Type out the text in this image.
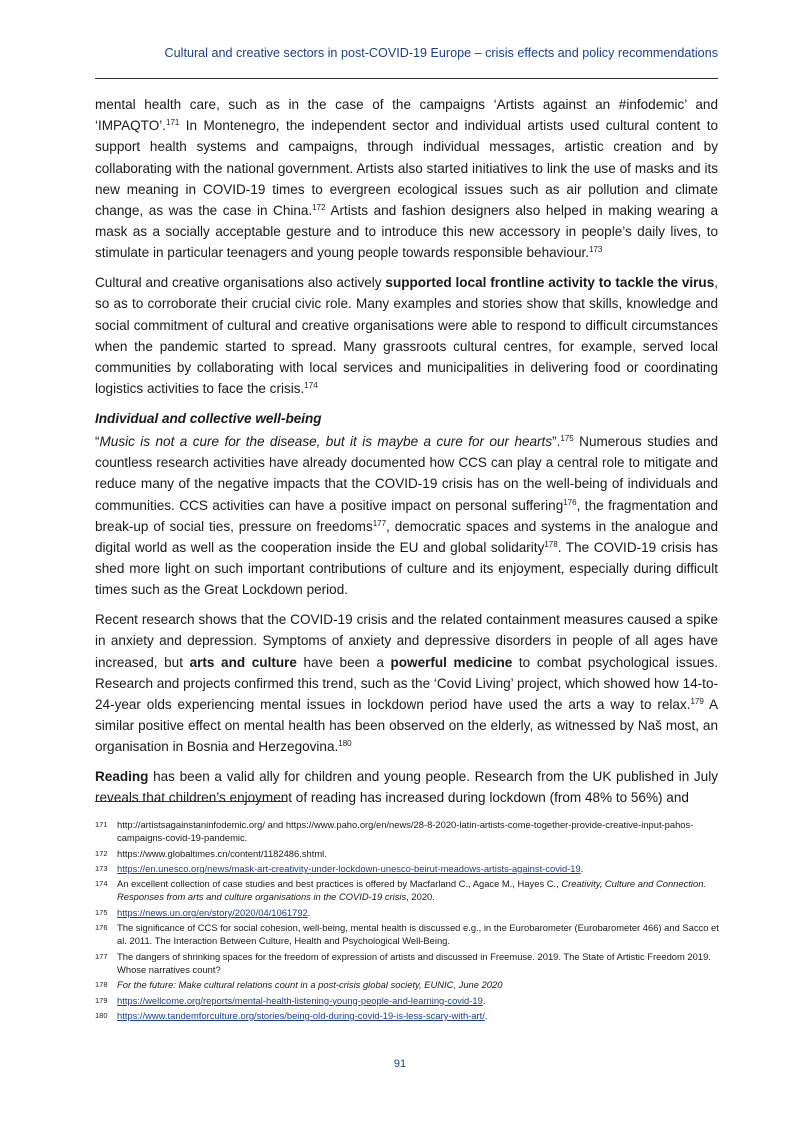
Cultural and creative sectors in post-COVID-19 Europe – crisis effects and policy recommendations

mental health care, such as in the case of the campaigns ‘Artists against an #infodemic’ and ‘IMPAQTO’.$^{171}$ In Montenegro, the independent sector and individual artists used cultural content to support health systems and campaigns, through individual messages, artistic creation and by collaborating with the national government. Artists also started initiatives to link the use of masks and its new meaning in COVID-19 times to evergreen ecological issues such as air pollution and climate change, as was the case in China.$^{172}$ Artists and fashion designers also helped in making wearing a mask as a socially acceptable gesture and to introduce this new accessory in people’s daily lives, to stimulate in particular teenagers and young people towards responsible behaviour.$^{173}$

Cultural and creative organisations also actively supported local frontline activity to tackle the virus, so as to corroborate their crucial civic role. Many examples and stories show that skills, knowledge and social commitment of cultural and creative organisations were able to respond to difficult circumstances when the pandemic started to spread. Many grassroots cultural centres, for example, served local communities by collaborating with local services and municipalities in delivering food or coordinating logistics activities to face the crisis.$^{174}$

Individual and collective well-being

“Music is not a cure for the disease, but it is maybe a cure for our hearts”.$^{175}$ Numerous studies and countless research activities have already documented how CCS can play a central role to mitigate and reduce many of the negative impacts that the COVID-19 crisis has on the well-being of individuals and communities. CCS activities can have a positive impact on personal suffering$^{176}$, the fragmentation and break-up of social ties, pressure on freedoms$^{177}$, democratic spaces and systems in the analogue and digital world as well as the cooperation inside the EU and global solidarity$^{178}$. The COVID-19 crisis has shed more light on such important contributions of culture and its enjoyment, especially during difficult times such as the Great Lockdown period.

Recent research shows that the COVID-19 crisis and the related containment measures caused a spike in anxiety and depression. Symptoms of anxiety and depressive disorders in people of all ages have increased, but arts and culture have been a powerful medicine to combat psychological issues. Research and projects confirmed this trend, such as the ‘Covid Living’ project, which showed how 14-to-24-year olds experiencing mental issues in lockdown period have used the arts a way to relax.$^{179}$ A similar positive effect on mental health has been observed on the elderly, as witnessed by Naš most, an organisation in Bosnia and Herzegovina.$^{180}$

Reading has been a valid ally for children and young people. Research from the UK published in July reveals that children’s enjoyment of reading has increased during lockdown (from 48% to 56%) and

171	http://artistsagainstaninfodemic.org/ and https://www.paho.org/en/news/28-8-2020-latin-artists-come-together-provide-creative-input-pahos-campaigns-covid-19-pandemic.
172	https://www.globaltimes.cn/content/1182486.shtml.
173	https://en.unesco.org/news/mask-art-creativity-under-lockdown-unesco-beirut-meadows-artists-against-covid-19.
174	An excellent collection of case studies and best practices is offered by Macfarland C., Agace M., Hayes C., Creativity, Culture and Connection. Responses from arts and culture organisations in the COVID-19 crisis, 2020.
175	https://news.un.org/en/story/2020/04/1061792.
176	The significance of CCS for social cohesion, well-being, mental health is discussed e.g., in the Eurobarometer (Eurobarometer 466) and Sacco et al. 2011. The Interaction Between Culture, Health and Psychological Well-Being.
177	The dangers of shrinking spaces for the freedom of expression of artists and discussed in Freemuse. 2019. The State of Artistic Freedom 2019. Whose narratives count?
178	For the future: Make cultural relations count in a post-crisis global society, EUNIC, June 2020
179	https://wellcome.org/reports/mental-health-listening-young-people-and-learning-covid-19.
180	https://www.tandemforculture.org/stories/being-old-during-covid-19-is-less-scary-with-art/.
91
